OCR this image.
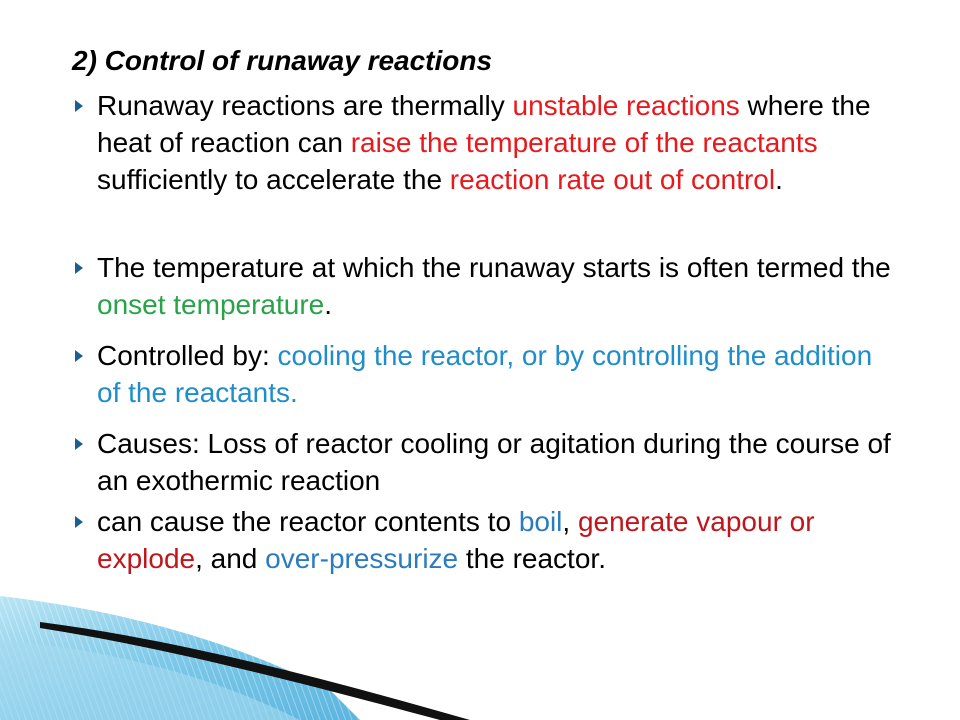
2) Control of runaway reactions
Runaway reactions are thermally unstable reactions where the heat of reaction can raise the temperature of the reactants sufficiently to accelerate the reaction rate out of control.
The temperature at which the runaway starts is often termed the onset temperature.
Controlled by: cooling the reactor, or by controlling the addition of the reactants.
Causes: Loss of reactor cooling or agitation during the course of an exothermic reaction
can cause the reactor contents to boil, generate vapour or explode, and over-pressurize the reactor.
